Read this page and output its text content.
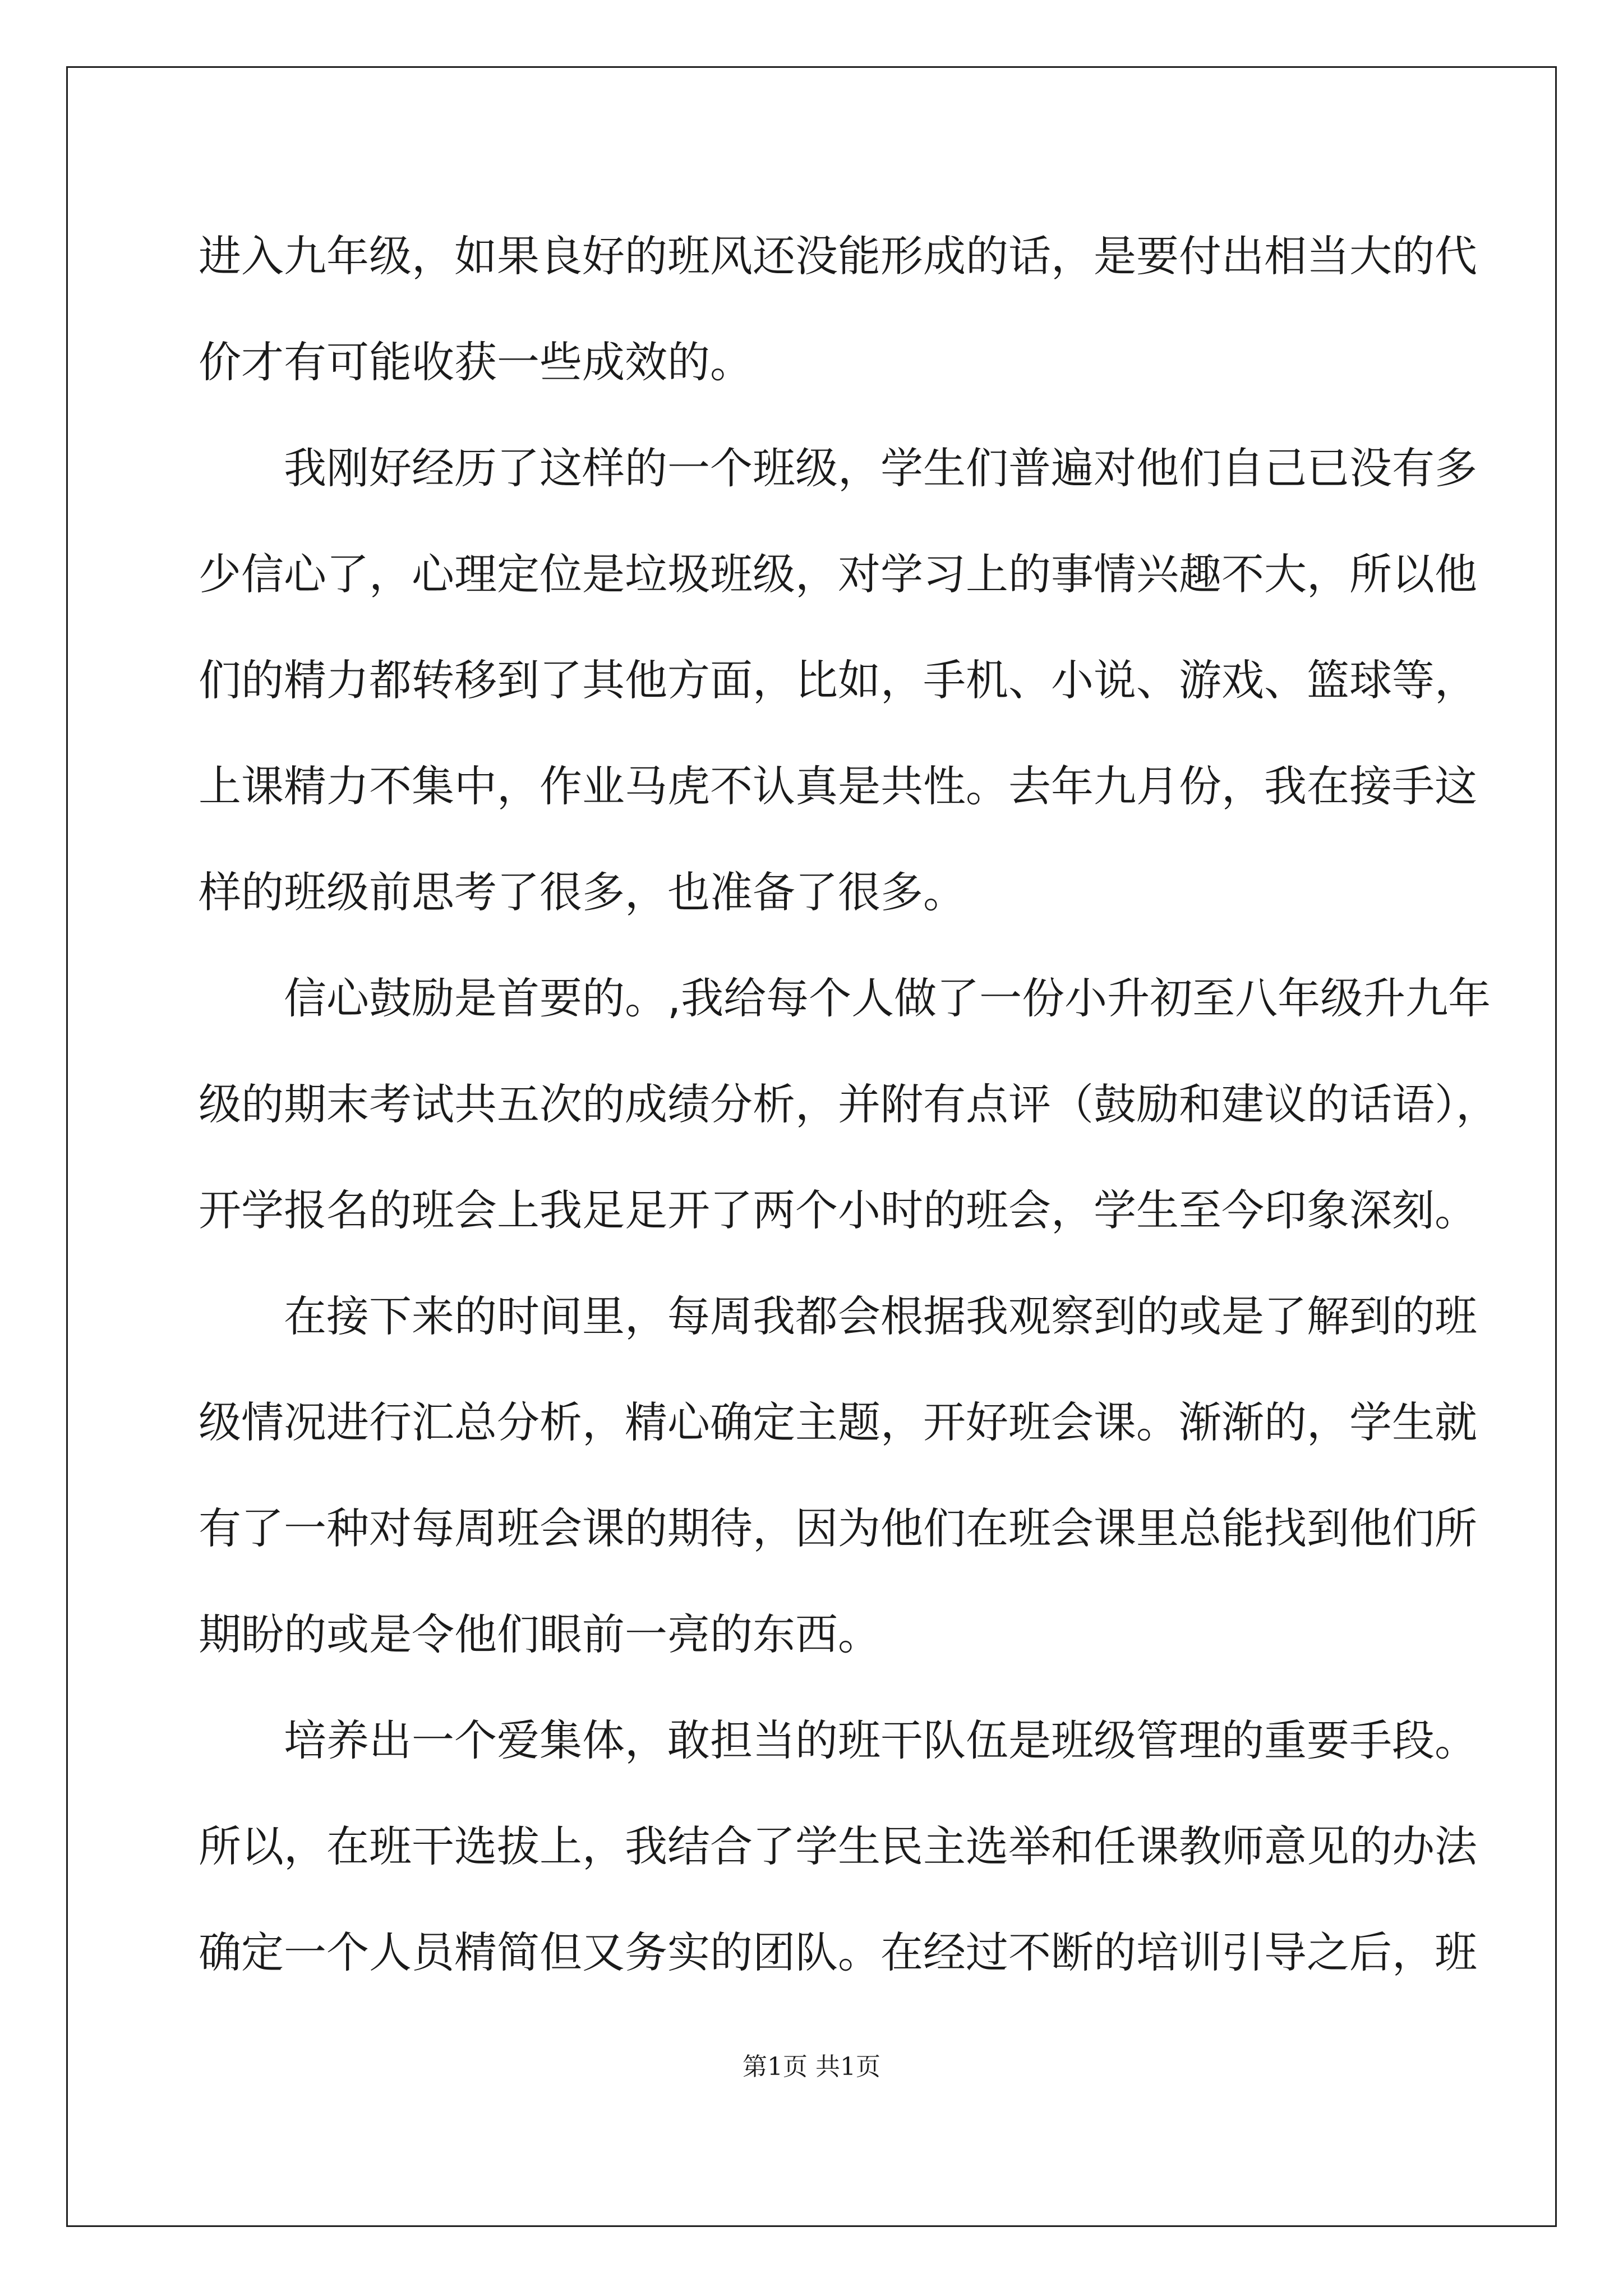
进入九年级，如果良好的班风还没能形成的话，是要付出相当大的代
价才有可能收获一些成效的。
我刚好经历了这样的一个班级，学生们普遍对他们自己已没有多
少信心了，心理定位是垃圾班级，对学习上的事情兴趣不大，所以他
们的精力都转移到了其他方面，比如，手机、小说、游戏、篮球等，
上课精力不集中，作业马虎不认真是共性。去年九月份，我在接手这
样的班级前思考了很多，也准备了很多。
信心鼓励是首要的。,我给每个人做了一份小升初至八年级升九年
级的期末考试共五次的成绩分析，并附有点评（鼓励和建议的话语），
开学报名的班会上我足足开了两个小时的班会，学生至今印象深刻。
在接下来的时间里，每周我都会根据我观察到的或是了解到的班
级情况进行汇总分析，精心确定主题，开好班会课。渐渐的，学生就
有了一种对每周班会课的期待，因为他们在班会课里总能找到他们所
期盼的或是令他们眼前一亮的东西。
培养出一个爱集体，敢担当的班干队伍是班级管理的重要手段。
所以，在班干选拔上，我结合了学生民主选举和任课教师意见的办法
确定一个人员精简但又务实的团队。在经过不断的培训引导之后，班
第1页 共1页
